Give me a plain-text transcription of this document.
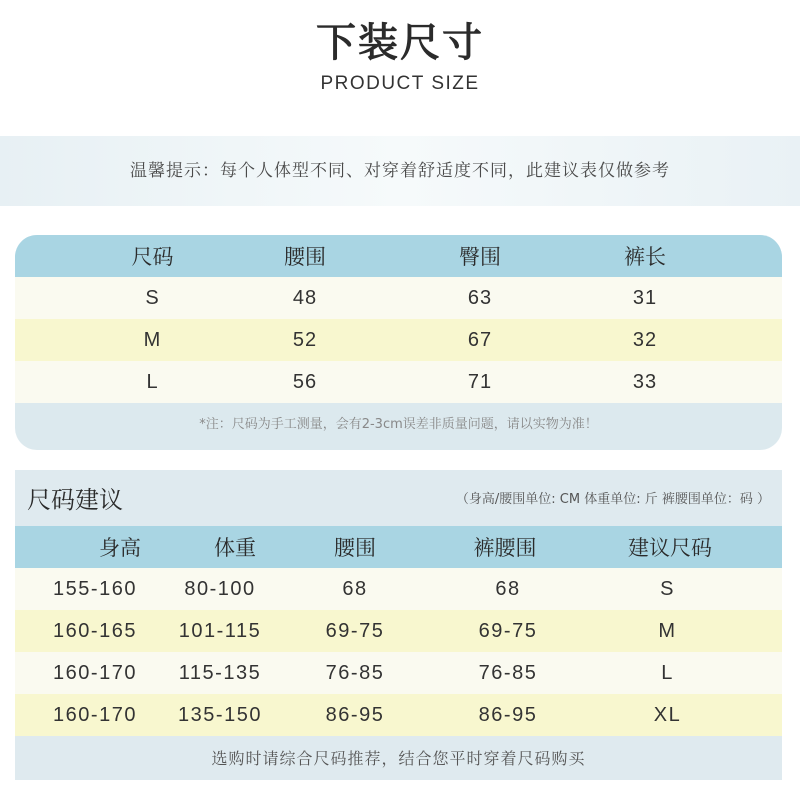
下装尺寸
PRODUCT SIZE
温馨提示：每个人体型不同、对穿着舒适度不同，此建议表仅做参考
尺码	腰围	臀围	裤长
S	48	63	31
M	52	67	32
L	56	71	33
*注：尺码为手工测量，会有2-3cm误差非质量问题，请以实物为准！
尺码建议	（身高/腰围单位: CM 体重单位: 斤 裤腰围单位：码 ）
身高	体重	腰围	裤腰围	建议尺码
155-160	80-100	68	68	S
160-165	101-115	69-75	69-75	M
160-170	115-135	76-85	76-85	L
160-170	135-150	86-95	86-95	XL
选购时请综合尺码推荐，结合您平时穿着尺码购买
